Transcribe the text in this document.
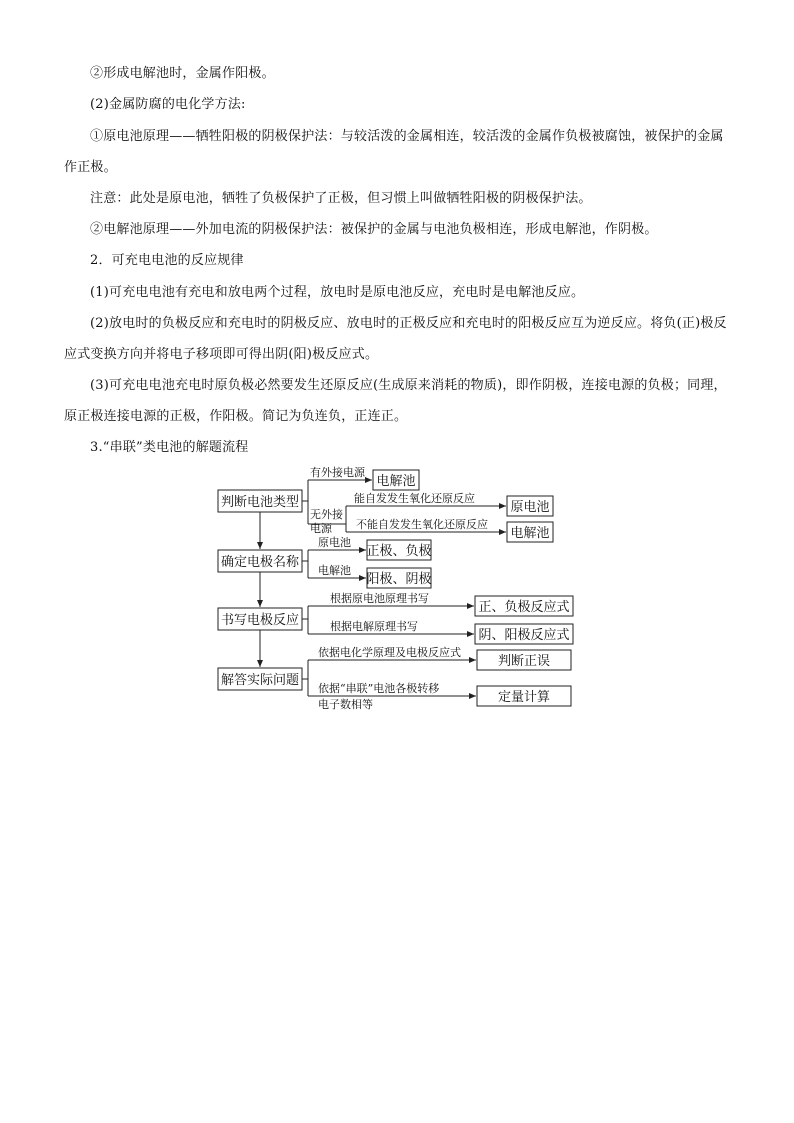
②形成电解池时，金属作阳极。

(2)金属防腐的电化学方法:

①原电池原理——牺牲阳极的阴极保护法：与较活泼的金属相连，较活泼的金属作负极被腐蚀，被保护的金属作正极。

注意：此处是原电池，牺牲了负极保护了正极，但习惯上叫做牺牲阳极的阴极保护法。

②电解池原理——外加电流的阴极保护法：被保护的金属与电池负极相连，形成电解池，作阴极。

2．可充电电池的反应规律

(1)可充电电池有充电和放电两个过程，放电时是原电池反应，充电时是电解池反应。

(2)放电时的负极反应和充电时的阴极反应、放电时的正极反应和充电时的阳极反应互为逆反应。将负(正)极反应式变换方向并将电子移项即可得出阴(阳)极反应式。

(3)可充电电池充电时原负极必然要发生还原反应(生成原来消耗的物质)，即作阴极，连接电源的负极；同理，原正极连接电源的正极，作阳极。简记为负连负，正连正。

3.“串联”类电池的解题流程

判断电池类型
确定电极名称
书写电极反应
解答实际问题
有外接电源
电解池
无外接
电源
能自发发生氧化还原反应
原电池
不能自发发生氧化还原反应
电解池
原电池
正极、负极
电解池
阳极、阴极
根据原电池原理书写
正、负极反应式
根据电解原理书写
阴、阳极反应式
依据电化学原理及电极反应式
判断正误
依据“串联”电池各极转移
电子数相等	定量计算
